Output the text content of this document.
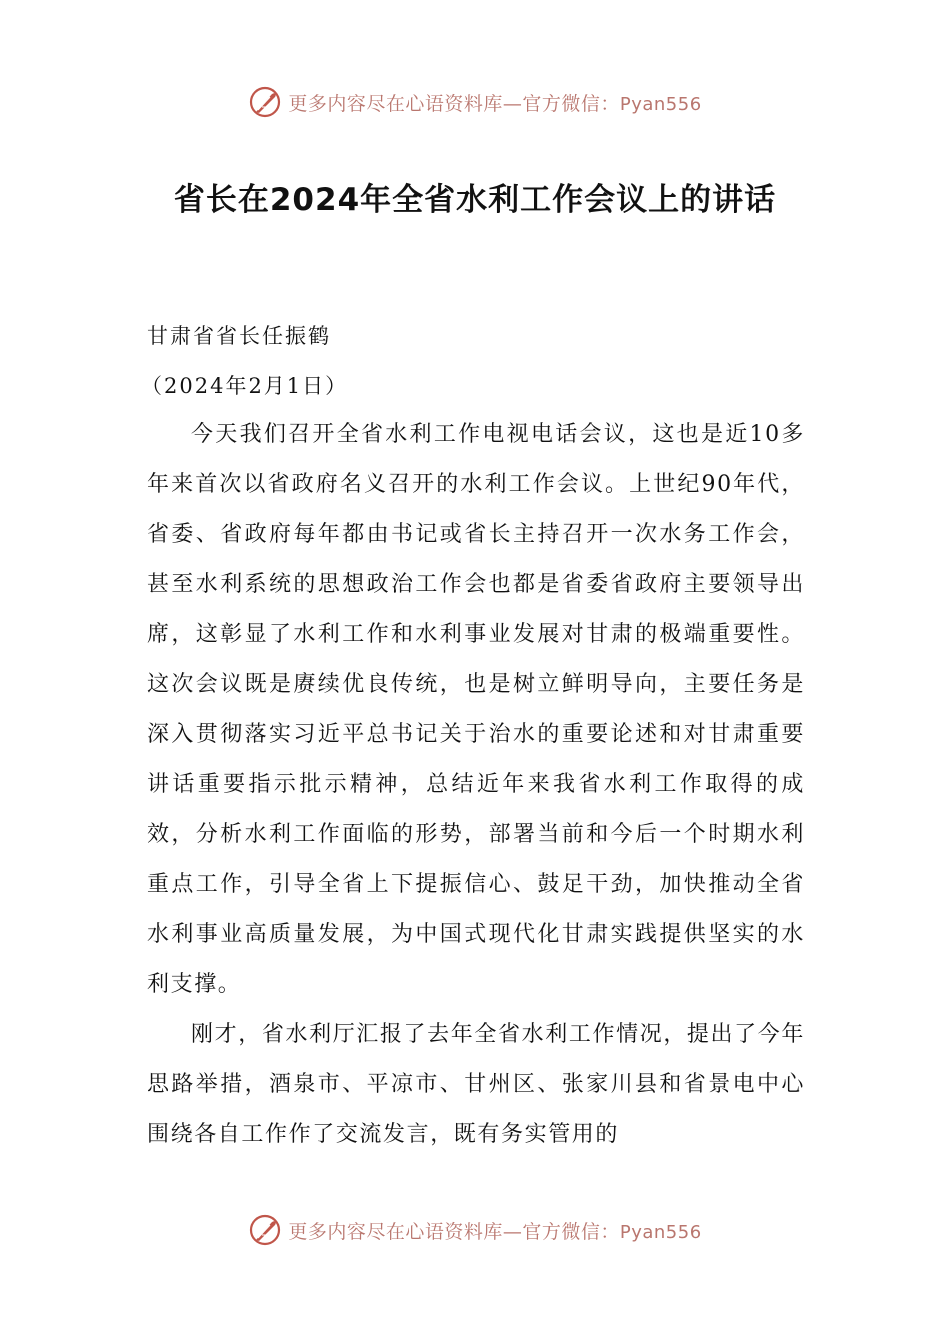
更多内容尽在心语资料库—官方微信：Pyan556
省长在2024年全省水利工作会议上的讲话
甘肃省省长任振鹤
（2024年2月1日）

今天我们召开全省水利工作电视电话会议，这也是近10多年来首次以省政府名义召开的水利工作会议。上世纪90年代，省委、省政府每年都由书记或省长主持召开一次水务工作会，甚至水利系统的思想政治工作会也都是省委省政府主要领导出席，这彰显了水利工作和水利事业发展对甘肃的极端重要性。这次会议既是赓续优良传统，也是树立鲜明导向，主要任务是深入贯彻落实习近平总书记关于治水的重要论述和对甘肃重要讲话重要指示批示精神，总结近年来我省水利工作取得的成效，分析水利工作面临的形势，部署当前和今后一个时期水利重点工作，引导全省上下提振信心、鼓足干劲，加快推动全省水利事业高质量发展，为中国式现代化甘肃实践提供坚实的水利支撑。

刚才，省水利厅汇报了去年全省水利工作情况，提出了今年思路举措，酒泉市、平凉市、甘州区、张家川县和省景电中心围绕各自工作作了交流发言，既有务实管用的

更多内容尽在心语资料库—官方微信：Pyan556
